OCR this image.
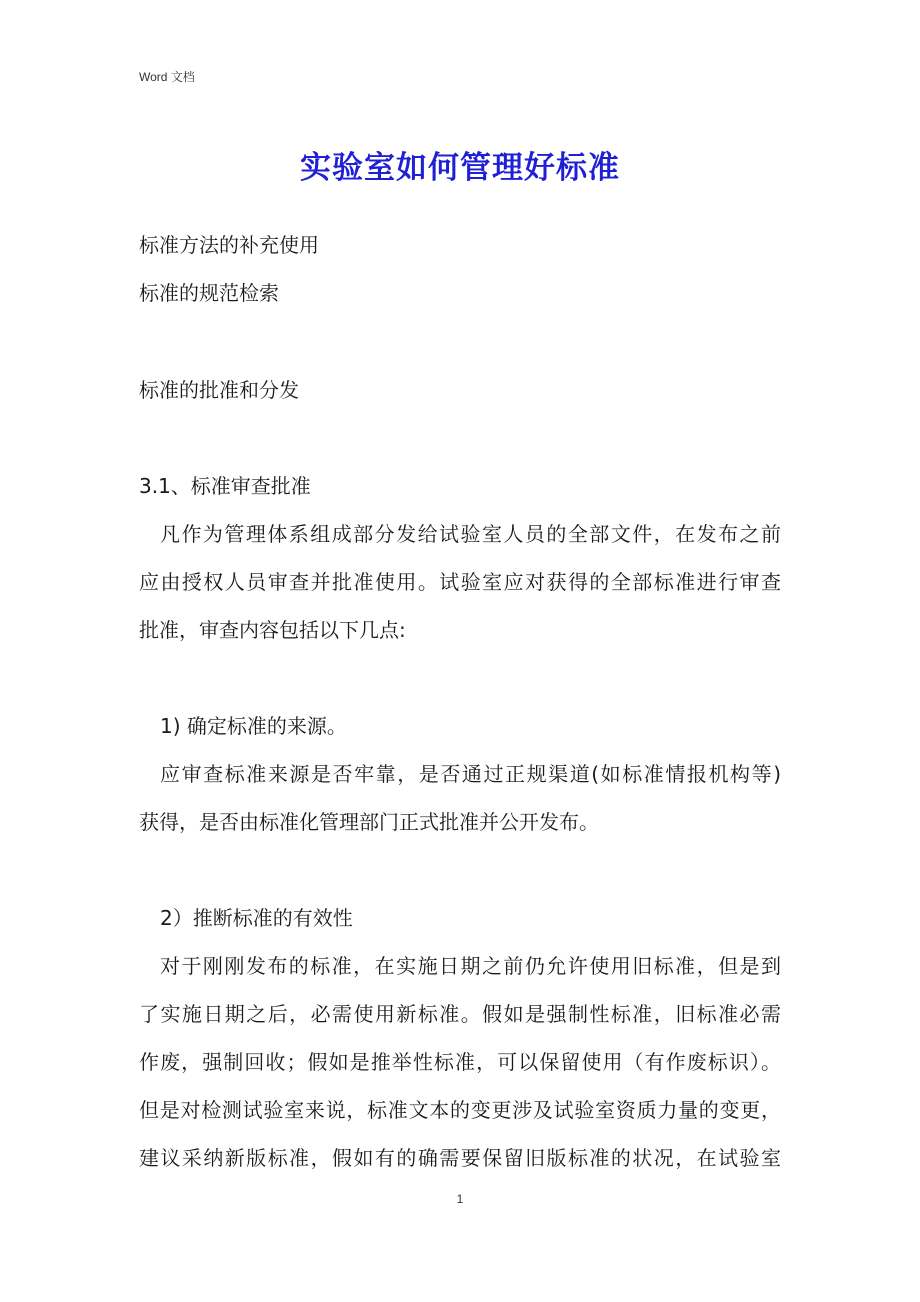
Word 文档
实验室如何管理好标准
标准方法的补充使用
标准的规范检索
标准的批准和分发
3.1、标准审查批准
凡作为管理体系组成部分发给试验室人员的全部文件，在发布之前
应由授权人员审查并批准使用。试验室应对获得的全部标准进行审查
批准，审查内容包括以下几点:
1) 确定标准的来源。
应审查标准来源是否牢靠，是否通过正规渠道(如标准情报机构等)
获得，是否由标准化管理部门正式批准并公开发布。
2）推断标准的有效性
对于刚刚发布的标准，在实施日期之前仍允许使用旧标准，但是到
了实施日期之后，必需使用新标准。假如是强制性标准，旧标准必需
作废，强制回收；假如是推举性标准，可以保留使用（有作废标识）。
但是对检测试验室来说，标准文本的变更涉及试验室资质力量的变更，
建议采纳新版标准，假如有的确需要保留旧版标准的状况，在试验室
1
